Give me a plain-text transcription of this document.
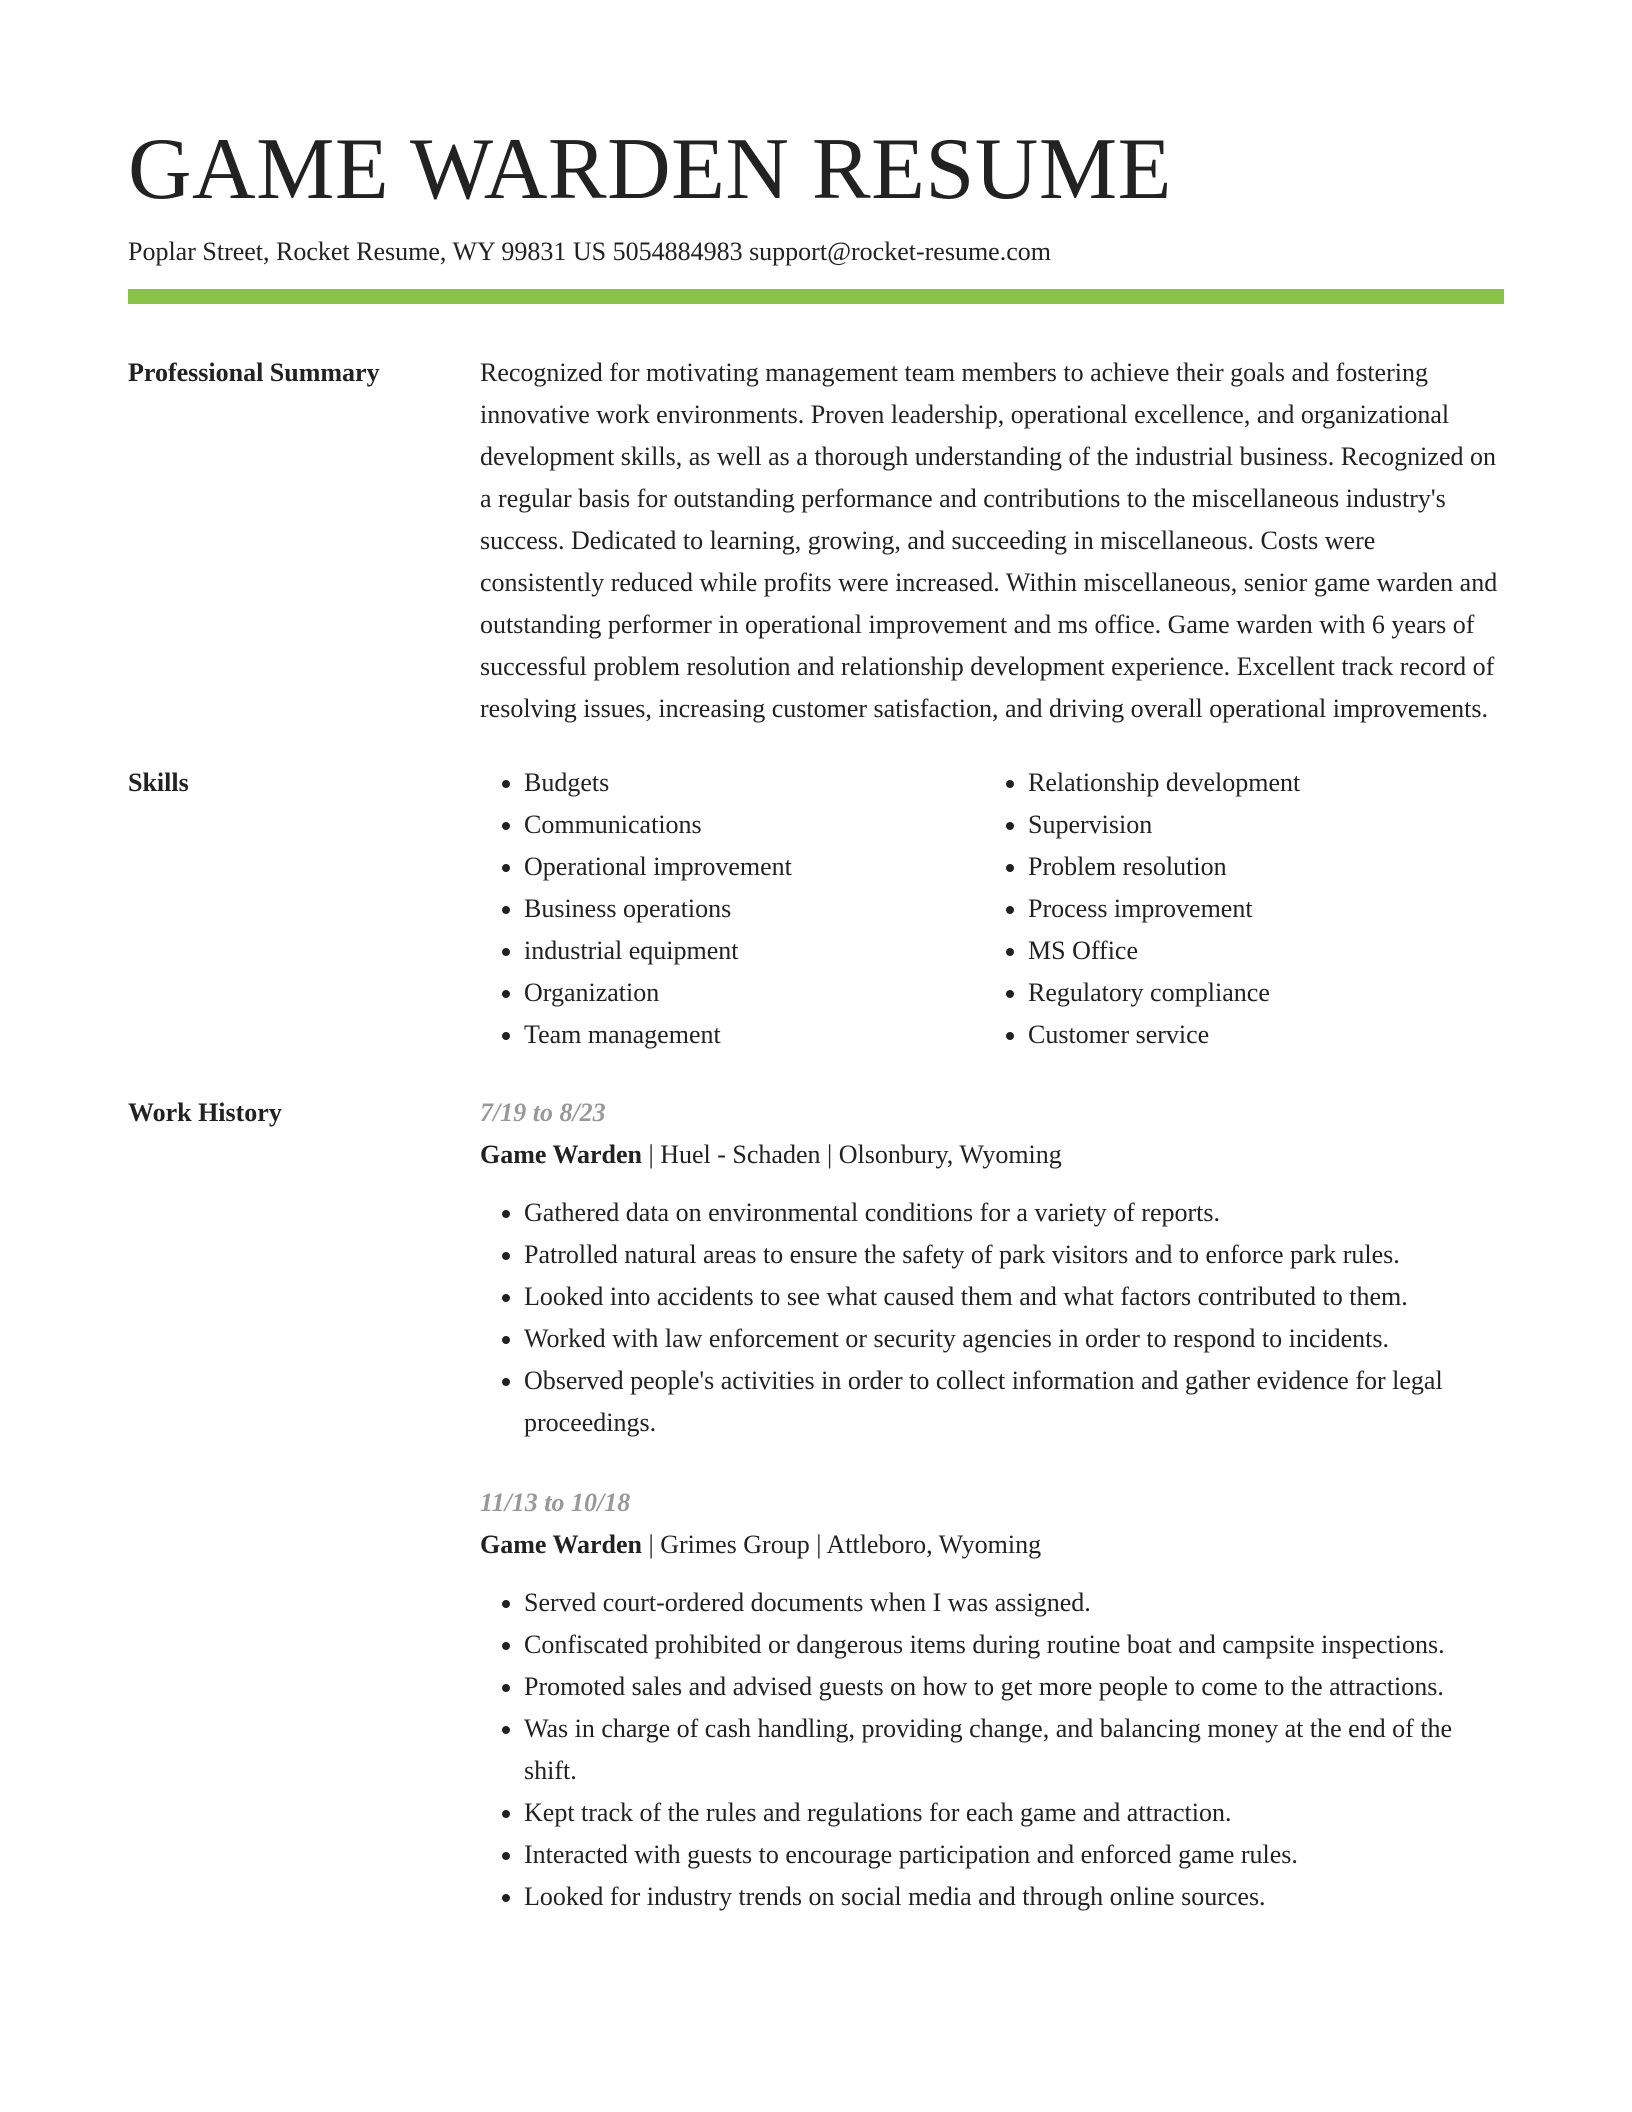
GAME WARDEN RESUME
Poplar Street, Rocket Resume, WY 99831 US 5054884983 support@rocket-resume.com
Professional Summary	Recognized for motivating management team members to achieve their goals and fostering innovative work environments. Proven leadership, operational excellence, and organizational development skills, as well as a thorough understanding of the industrial business. Recognized on a regular basis for outstanding performance and contributions to the miscellaneous industry's success. Dedicated to learning, growing, and succeeding in miscellaneous. Costs were consistently reduced while profits were increased. Within miscellaneous, senior game warden and outstanding performer in operational improvement and ms office. Game warden with 6 years of successful problem resolution and relationship development experience. Excellent track record of resolving issues, increasing customer satisfaction, and driving overall operational improvements.

Skills
•	Budgets
• Communications
• Operational improvement
• Business operations
• industrial equipment
• Organization
• Team management
• Relationship development
• Supervision
• Problem resolution
• Process improvement
• MS Office
• Regulatory compliance
• Customer service
Work History	7/19 to 8/23
Game Warden | Huel - Schaden | Olsonbury, Wyoming
• Gathered data on environmental conditions for a variety of reports.
• Patrolled natural areas to ensure the safety of park visitors and to enforce park rules.
• Looked into accidents to see what caused them and what factors contributed to them.
• Worked with law enforcement or security agencies in order to respond to incidents.
• Observed people's activities in order to collect information and gather evidence for legal proceedings.
11/13 to 10/18
Game Warden | Grimes Group | Attleboro, Wyoming
• Served court-ordered documents when I was assigned.
• Confiscated prohibited or dangerous items during routine boat and campsite inspections.
• Promoted sales and advised guests on how to get more people to come to the attractions.
• Was in charge of cash handling, providing change, and balancing money at the end of the shift.
• Kept track of the rules and regulations for each game and attraction.
• Interacted with guests to encourage participation and enforced game rules.
• Looked for industry trends on social media and through online sources.
